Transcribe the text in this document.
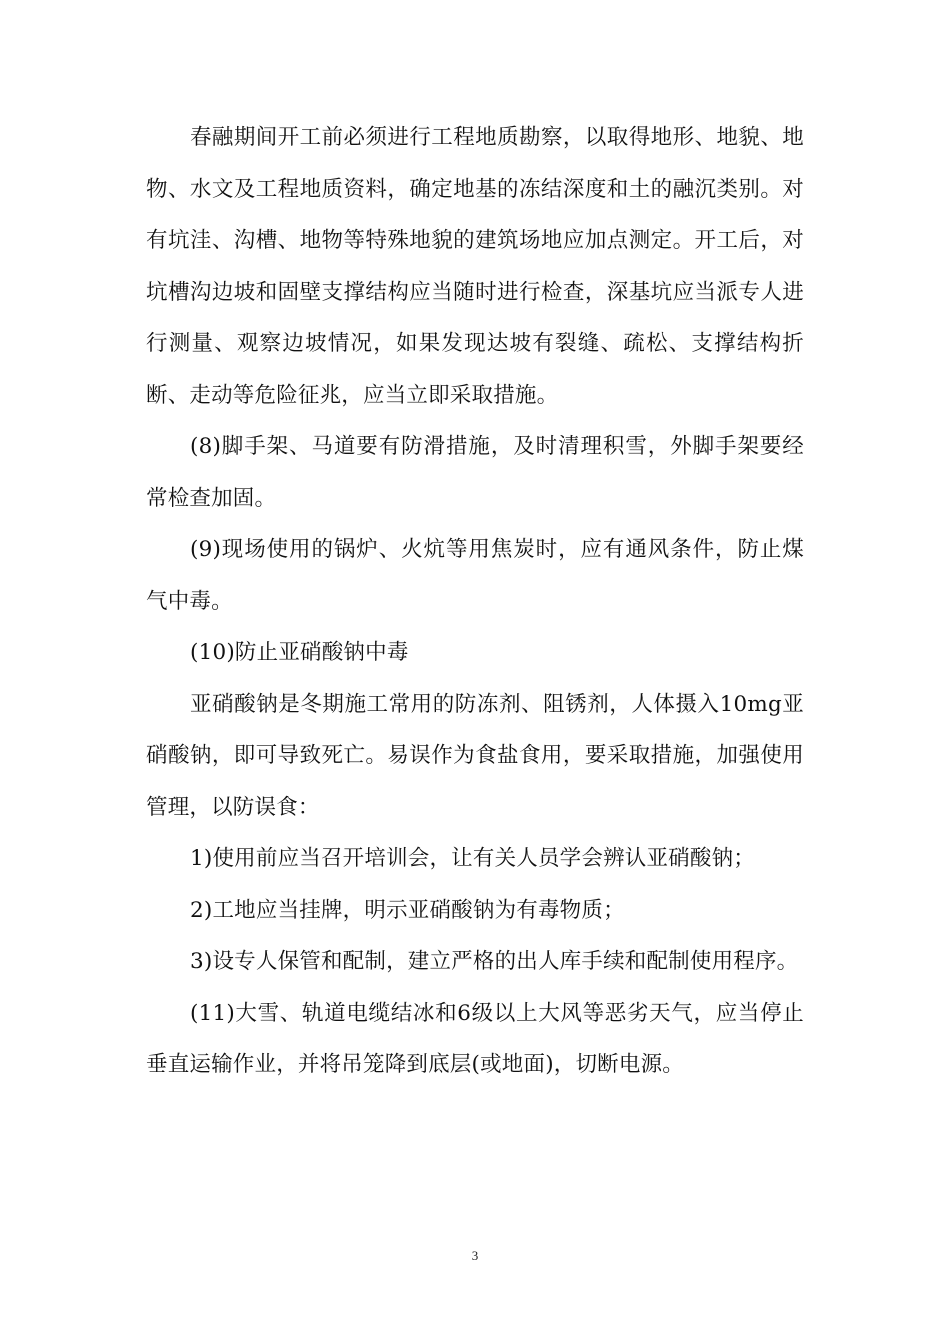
春融期间开工前必须进行工程地质勘察，以取得地形、地貌、地物、水文及工程地质资料，确定地基的冻结深度和土的融沉类别。对有坑洼、沟槽、地物等特殊地貌的建筑场地应加点测定。开工后，对坑槽沟边坡和固壁支撑结构应当随时进行检查，深基坑应当派专人进行测量、观察边坡情况，如果发现达坡有裂缝、疏松、支撑结构折断、走动等危险征兆，应当立即采取措施。

(8)脚手架、马道要有防滑措施，及时清理积雪，外脚手架要经常检查加固。

(9)现场使用的锅炉、火炕等用焦炭时，应有通风条件，防止煤气中毒。

(10)防止亚硝酸钠中毒

亚硝酸钠是冬期施工常用的防冻剂、阻锈剂，人体摄入10mg亚硝酸钠，即可导致死亡。易误作为食盐食用，要采取措施，加强使用管理，以防误食：

1)使用前应当召开培训会，让有关人员学会辨认亚硝酸钠；

2)工地应当挂牌，明示亚硝酸钠为有毒物质；

3)设专人保管和配制，建立严格的出人库手续和配制使用程序。

(11)大雪、轨道电缆结冰和6级以上大风等恶劣天气，应当停止垂直运输作业，并将吊笼降到底层(或地面)，切断电源。

3
